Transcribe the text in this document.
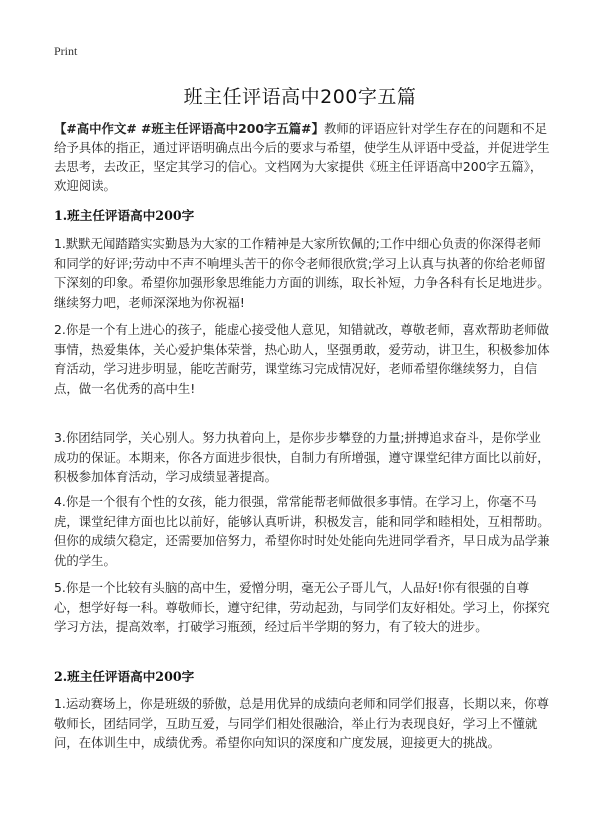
Print
班主任评语高中200字五篇
【#高中作文# #班主任评语高中200字五篇#】教师的评语应针对学生存在的问题和不足给予具体的指正，通过评语明确点出今后的要求与希望，使学生从评语中受益，并促进学生去思考，去改正，坚定其学习的信心。文档网为大家提供《班主任评语高中200字五篇》，欢迎阅读。
1.班主任评语高中200字
1.默默无闻踏踏实实勤恳为大家的工作精神是大家所钦佩的;工作中细心负责的你深得老师和同学的好评;劳动中不声不响埋头苦干的你令老师很欣赏;学习上认真与执著的你给老师留下深刻的印象。希望你加强形象思维能力方面的训练，取长补短，力争各科有长足地进步。继续努力吧，老师深深地为你祝福!
2.你是一个有上进心的孩子，能虚心接受他人意见，知错就改，尊敬老师，喜欢帮助老师做事情，热爱集体，关心爱护集体荣誉，热心助人，坚强勇敢，爱劳动，讲卫生，积极参加体育活动，学习进步明显，能吃苦耐劳，课堂练习完成情况好，老师希望你继续努力，自信点，做一名优秀的高中生!
3.你团结同学，关心别人。努力执着向上，是你步步攀登的力量;拼搏追求奋斗，是你学业成功的保证。本期来，你各方面进步很快，自制力有所增强，遵守课堂纪律方面比以前好，积极参加体育活动，学习成绩显著提高。
4.你是一个很有个性的女孩，能力很强，常常能帮老师做很多事情。在学习上，你毫不马虎，课堂纪律方面也比以前好，能够认真听讲，积极发言，能和同学和睦相处，互相帮助。但你的成绩欠稳定，还需要加倍努力，希望你时时处处能向先进同学看齐，早日成为品学兼优的学生。
5.你是一个比较有头脑的高中生，爱憎分明，毫无公子哥儿气，人品好!你有很强的自尊心，想学好每一科。尊敬师长，遵守纪律，劳动起劲，与同学们友好相处。学习上，你探究学习方法，提高效率，打破学习瓶颈，经过后半学期的努力，有了较大的进步。
2.班主任评语高中200字
1.运动赛场上，你是班级的骄傲，总是用优异的成绩向老师和同学们报喜，长期以来，你尊敬师长，团结同学，互助互爱，与同学们相处很融洽，举止行为表现良好，学习上不懂就问，在体训生中，成绩优秀。希望你向知识的深度和广度发展，迎接更大的挑战。
